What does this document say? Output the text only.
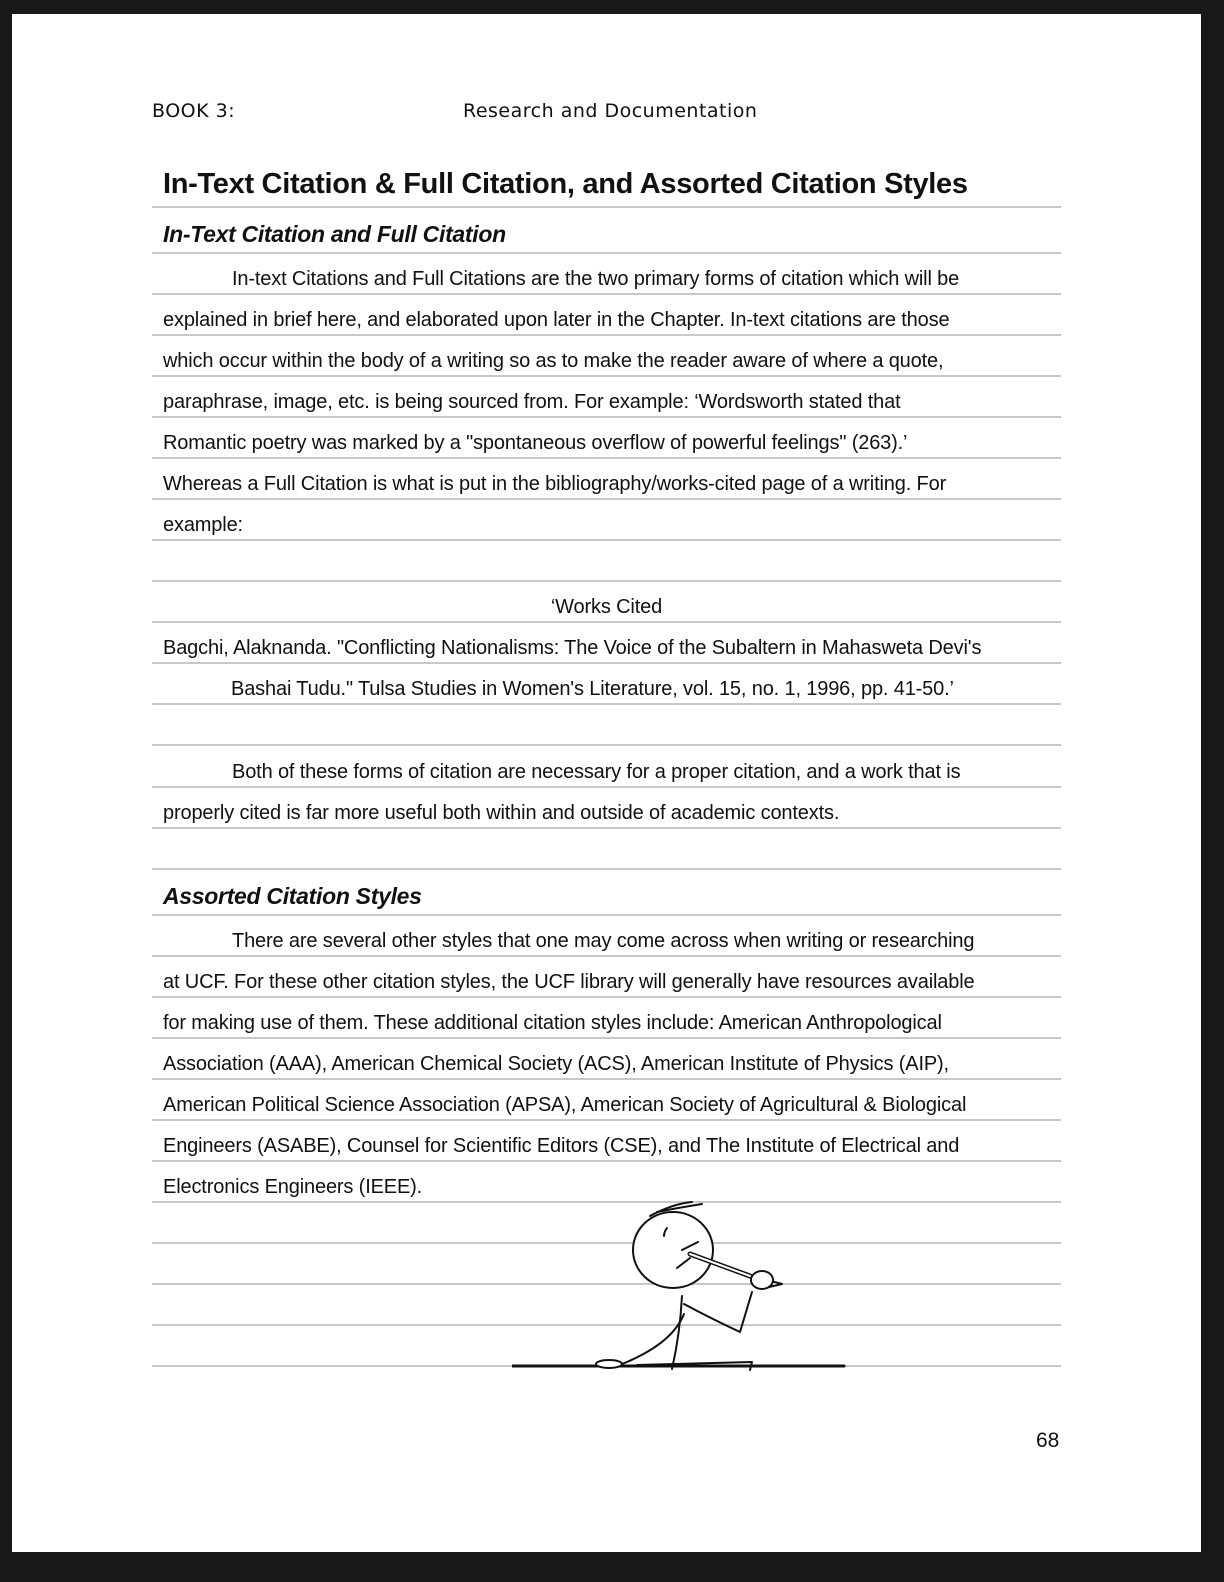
BOOK 3:	Research and Documentation
In-Text Citation & Full Citation, and Assorted Citation Styles
In-Text Citation and Full Citation
In-text Citations and Full Citations are the two primary forms of citation which will be
explained in brief here, and elaborated upon later in the Chapter. In-text citations are those
which occur within the body of a writing so as to make the reader aware of where a quote,
paraphrase, image, etc. is being sourced from. For example: ‘Wordsworth stated that
Romantic poetry was marked by a "spontaneous overflow of powerful feelings" (263).’
Whereas a Full Citation is what is put in the bibliography/works-cited page of a writing. For
example:
‘Works Cited
Bagchi, Alaknanda. "Conflicting Nationalisms: The Voice of the Subaltern in Mahasweta Devi's
Bashai Tudu." Tulsa Studies in Women's Literature, vol. 15, no. 1, 1996, pp. 41-50.’
Both of these forms of citation are necessary for a proper citation, and a work that is
properly cited is far more useful both within and outside of academic contexts.
Assorted Citation Styles
There are several other styles that one may come across when writing or researching
at UCF. For these other citation styles, the UCF library will generally have resources available
for making use of them. These additional citation styles include: American Anthropological
Association (AAA), American Chemical Society (ACS), American Institute of Physics (AIP),
American Political Science Association (APSA), American Society of Agricultural & Biological
Engineers (ASABE), Counsel for Scientific Editors (CSE), and The Institute of Electrical and
Electronics Engineers (IEEE).
68
